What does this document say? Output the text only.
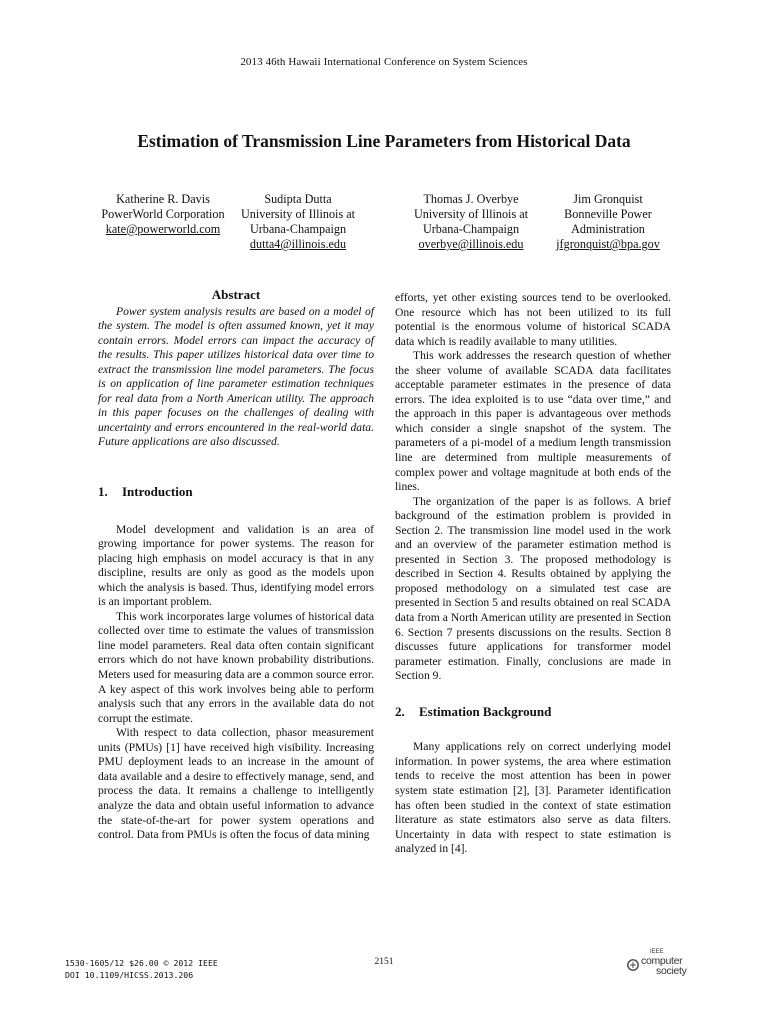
2013 46th Hawaii International Conference on System Sciences
Estimation of Transmission Line Parameters from Historical Data
Katherine R. Davis
PowerWorld Corporation
kate@powerworld.com
Sudipta Dutta
University of Illinois at
Urbana-Champaign
dutta4@illinois.edu
Thomas J. Overbye
University of Illinois at
Urbana-Champaign
overbye@illinois.edu
Jim Gronquist
Bonneville Power
Administration
jfgronquist@bpa.gov
Abstract

Power system analysis results are based on a model of the system. The model is often assumed known, yet it may contain errors. Model errors can impact the accuracy of the results. This paper utilizes historical data over time to extract the transmission line model parameters. The focus is on application of line parameter estimation techniques for real data from a North American utility. The approach in this paper focuses on the challenges of dealing with uncertainty and errors encountered in the real-world data. Future applications are also discussed.

1. Introduction

Model development and validation is an area of growing importance for power systems. The reason for placing high emphasis on model accuracy is that in any discipline, results are only as good as the models upon which the analysis is based. Thus, identifying model errors is an important problem.

This work incorporates large volumes of historical data collected over time to estimate the values of transmission line model parameters. Real data often contain significant errors which do not have known probability distributions. Meters used for measuring data are a common source error. A key aspect of this work involves being able to perform analysis such that any errors in the available data do not corrupt the estimate.

With respect to data collection, phasor measurement units (PMUs) [1] have received high visibility. Increasing PMU deployment leads to an increase in the amount of data available and a desire to effectively manage, send, and process the data. It remains a challenge to intelligently analyze the data and obtain useful information to advance the state-of-the-art for power system operations and control. Data from PMUs is often the focus of data mining

efforts, yet other existing sources tend to be overlooked. One resource which has not been utilized to its full potential is the enormous volume of historical SCADA data which is readily available to many utilities.

This work addresses the research question of whether the sheer volume of available SCADA data facilitates acceptable parameter estimates in the presence of data errors. The idea exploited is to use “data over time,” and the approach in this paper is advantageous over methods which consider a single snapshot of the system. The parameters of a pi-model of a medium length transmission line are determined from multiple measurements of complex power and voltage magnitude at both ends of the lines.

The organization of the paper is as follows. A brief background of the estimation problem is provided in Section 2. The transmission line model used in the work and an overview of the parameter estimation method is presented in Section 3. The proposed methodology is described in Section 4. Results obtained by applying the proposed methodology on a simulated test case are presented in Section 5 and results obtained on real SCADA data from a North American utility are presented in Section 6. Section 7 presents discussions on the results. Section 8 discusses future applications for transformer model parameter estimation. Finally, conclusions are made in Section 9.

2. Estimation Background

Many applications rely on correct underlying model information. In power systems, the area where estimation tends to receive the most attention has been in power system state estimation [2], [3]. Parameter identification has often been studied in the context of state estimation literature as state estimators also serve as data filters. Uncertainty in data with respect to state estimation is analyzed in [4].

1530-1605/12 $26.00 © 2012 IEEE
DOI 10.1109/HICSS.2013.206
2151
IEEE
computer
society
